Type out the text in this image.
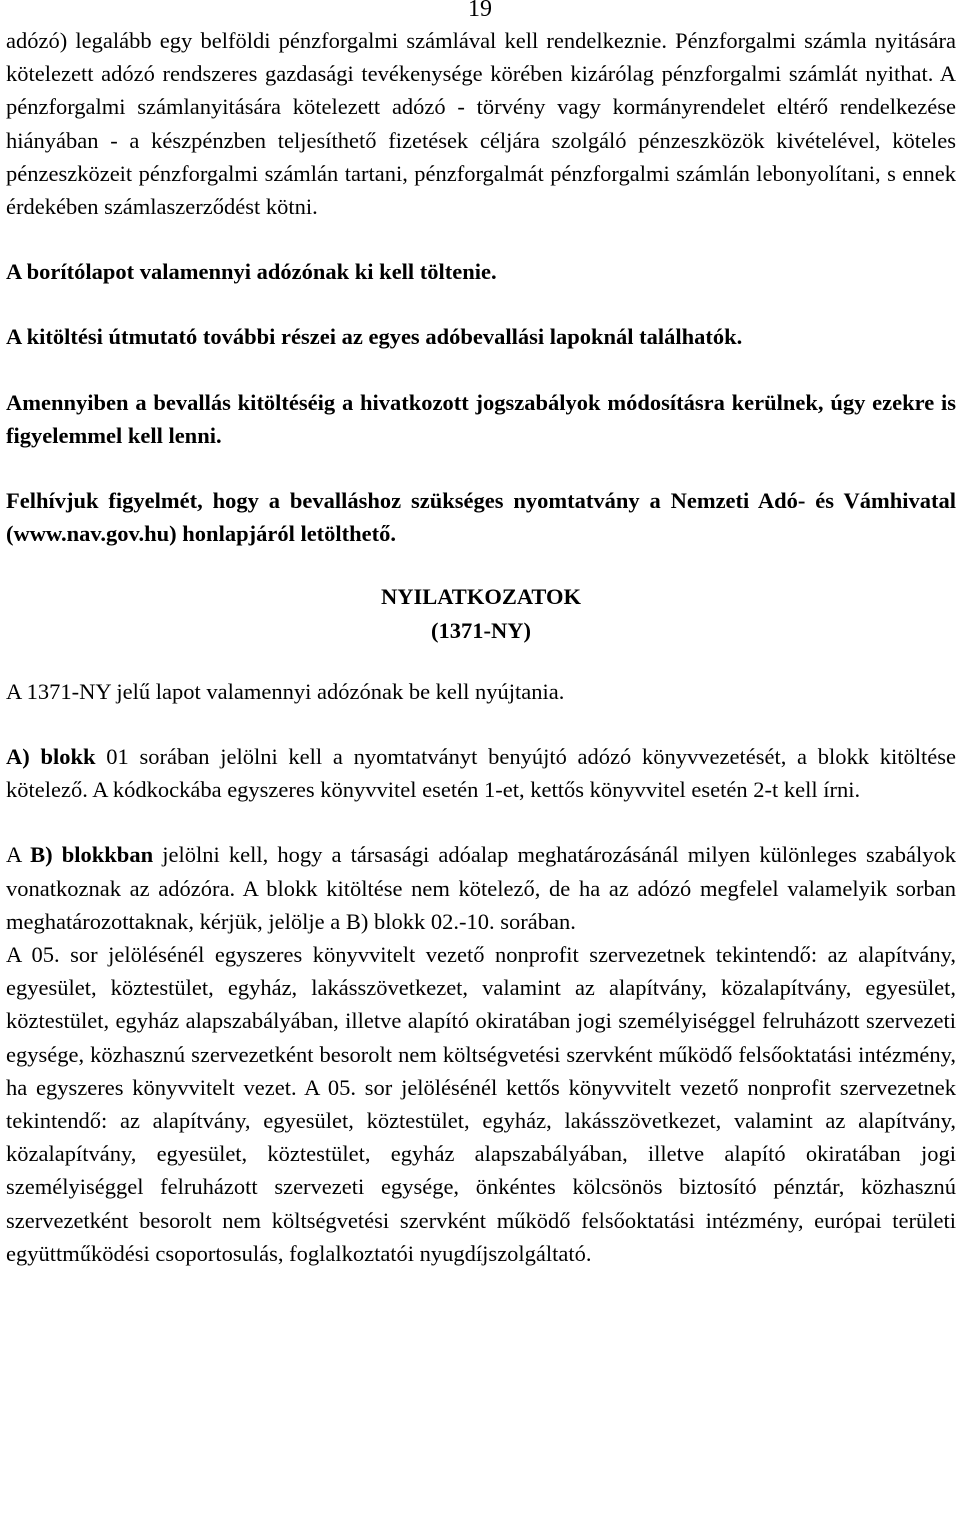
19

adózó) legalább egy belföldi pénzforgalmi számlával kell rendelkeznie. Pénzforgalmi számla nyitására kötelezett adózó rendszeres gazdasági tevékenysége körében kizárólag pénzforgalmi számlát nyithat. A pénzforgalmi számlanyitására kötelezett adózó - törvény vagy kormányrendelet eltérő rendelkezése hiányában - a készpénzben teljesíthető fizetések céljára szolgáló pénzeszközök kivételével, köteles pénzeszközeit pénzforgalmi számlán tartani, pénzforgalmát pénzforgalmi számlán lebonyolítani, s ennek érdekében számlaszerződést kötni.

A borítólapot valamennyi adózónak ki kell töltenie.

A kitöltési útmutató további részei az egyes adóbevallási lapoknál találhatók.

Amennyiben a bevallás kitöltéséig a hivatkozott jogszabályok módosításra kerülnek, úgy ezekre is figyelemmel kell lenni.

Felhívjuk figyelmét, hogy a bevalláshoz szükséges nyomtatvány a Nemzeti Adó- és Vámhivatal (www.nav.gov.hu) honlapjáról letölthető.

NYILATKOZATOK
(1371-NY)

A 1371-NY jelű lapot valamennyi adózónak be kell nyújtania.

A) blokk 01 sorában jelölni kell a nyomtatványt benyújtó adózó könyvvezetését, a blokk kitöltése kötelező. A kódkockába egyszeres könyvvitel esetén 1-et, kettős könyvvitel esetén 2-t kell írni.

A B) blokkban jelölni kell, hogy a társasági adóalap meghatározásánál milyen különleges szabályok vonatkoznak az adózóra. A blokk kitöltése nem kötelező, de ha az adózó megfelel valamelyik sorban meghatározottaknak, kérjük, jelölje a B) blokk 02.-10. sorában.

A 05. sor jelölésénél egyszeres könyvvitelt vezető nonprofit szervezetnek tekintendő: az alapítvány, egyesület, köztestület, egyház, lakásszövetkezet, valamint az alapítvány, közalapítvány, egyesület, köztestület, egyház alapszabályában, illetve alapító okiratában jogi személyiséggel felruházott szervezeti egysége, közhasznú szervezetként besorolt nem költségvetési szervként működő felsőoktatási intézmény, ha egyszeres könyvvitelt vezet. A 05. sor jelölésénél kettős könyvvitelt vezető nonprofit szervezetnek tekintendő: az alapítvány, egyesület, köztestület, egyház, lakásszövetkezet, valamint az alapítvány, közalapítvány, egyesület, köztestület, egyház alapszabályában, illetve alapító okiratában jogi személyiséggel felruházott szervezeti egysége, önkéntes kölcsönös biztosító pénztár, közhasznú szervezetként besorolt nem költségvetési szervként működő felsőoktatási intézmény, európai területi együttműködési csoportosulás, foglalkoztatói nyugdíjszolgáltató.
